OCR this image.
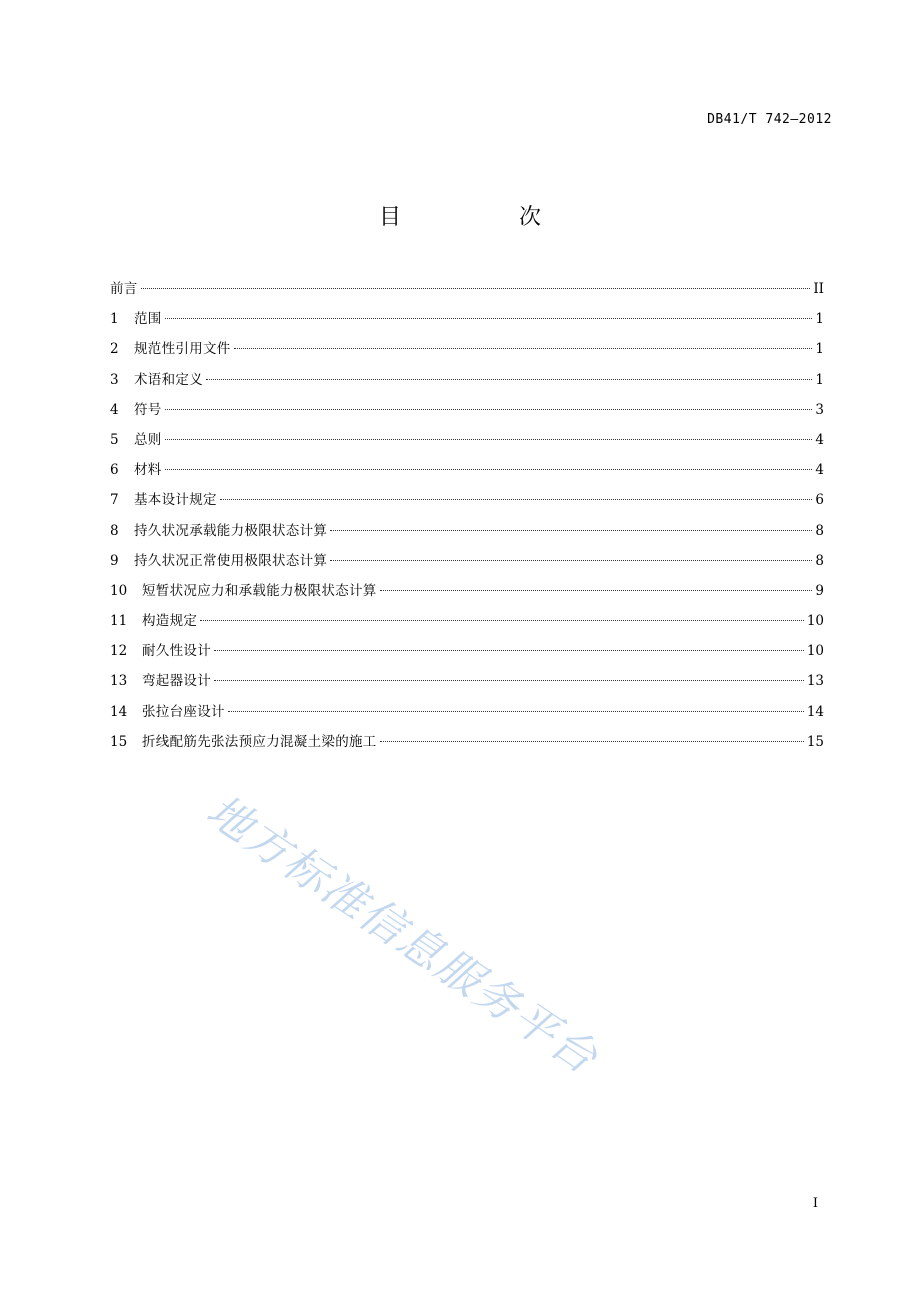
DB41/T 742—2012
目　次
前言	II
1	范围	1
2	规范性引用文件	1
3	术语和定义	1
4	符号	3
5	总则	4
6	材料	4
7	基本设计规定	6
8	持久状况承载能力极限状态计算	8
9	持久状况正常使用极限状态计算	8
10	短暂状况应力和承载能力极限状态计算	9
11	构造规定	10
12	耐久性设计	10
13	弯起器设计	13
14	张拉台座设计	14
15	折线配筋先张法预应力混凝土梁的施工	15
地方标准信息服务平台
I
